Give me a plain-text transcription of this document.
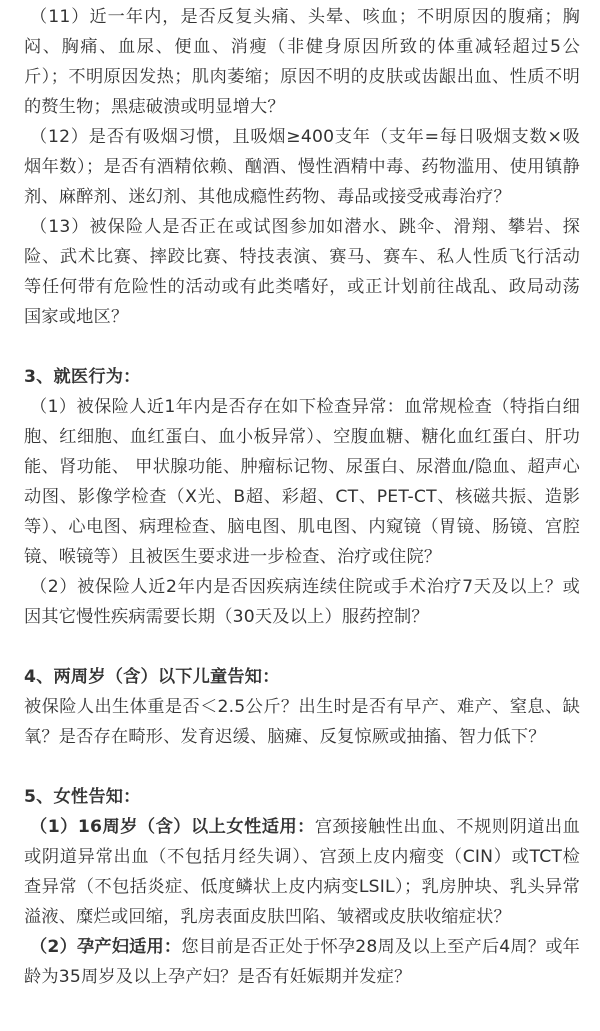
（11）近一年内，是否反复头痛、头晕、咳血；不明原因的腹痛；胸闷、胸痛、血尿、便血、消瘦（非健身原因所致的体重减轻超过5公斤）；不明原因发热；肌肉萎缩；原因不明的皮肤或齿龈出血、性质不明的赘生物；黑痣破溃或明显增大？

（12）是否有吸烟习惯，且吸烟≥400支年（支年=每日吸烟支数×吸烟年数）；是否有酒精依赖、酗酒、慢性酒精中毒、药物滥用、使用镇静剂、麻醉剂、迷幻剂、其他成瘾性药物、毒品或接受戒毒治疗？

（13）被保险人是否正在或试图参加如潜水、跳伞、滑翔、攀岩、探险、武术比赛、摔跤比赛、特技表演、赛马、赛车、私人性质飞行活动等任何带有危险性的活动或有此类嗜好，或正计划前往战乱、政局动荡国家或地区？

3、就医行为：

（1）被保险人近1年内是否存在如下检查异常：血常规检查（特指白细胞、红细胞、血红蛋白、血小板异常）、空腹血糖、糖化血红蛋白、肝功能、肾功能、 甲状腺功能、肿瘤标记物、尿蛋白、尿潜血/隐血、超声心动图、影像学检查（X光、B超、彩超、CT、PET-CT、核磁共振、造影等）、心电图、病理检查、脑电图、肌电图、内窥镜（胃镜、肠镜、宫腔镜、喉镜等）且被医生要求进一步检查、治疗或住院？

（2）被保险人近2年内是否因疾病连续住院或手术治疗7天及以上？或因其它慢性疾病需要长期（30天及以上）服药控制？

4、两周岁（含）以下儿童告知：

被保险人出生体重是否＜2.5公斤？出生时是否有早产、难产、窒息、缺氧？是否存在畸形、发育迟缓、脑瘫、反复惊厥或抽搐、智力低下？

5、女性告知：

（1）16周岁（含）以上女性适用：宫颈接触性出血、不规则阴道出血或阴道异常出血（不包括月经失调）、宫颈上皮内瘤变（CIN）或TCT检查异常（不包括炎症、低度鳞状上皮内病变LSIL）；乳房肿块、乳头异常溢液、糜烂或回缩，乳房表面皮肤凹陷、皱褶或皮肤收缩症状？

（2）孕产妇适用：您目前是否正处于怀孕28周及以上至产后4周？或年龄为35周岁及以上孕产妇？是否有妊娠期并发症？
